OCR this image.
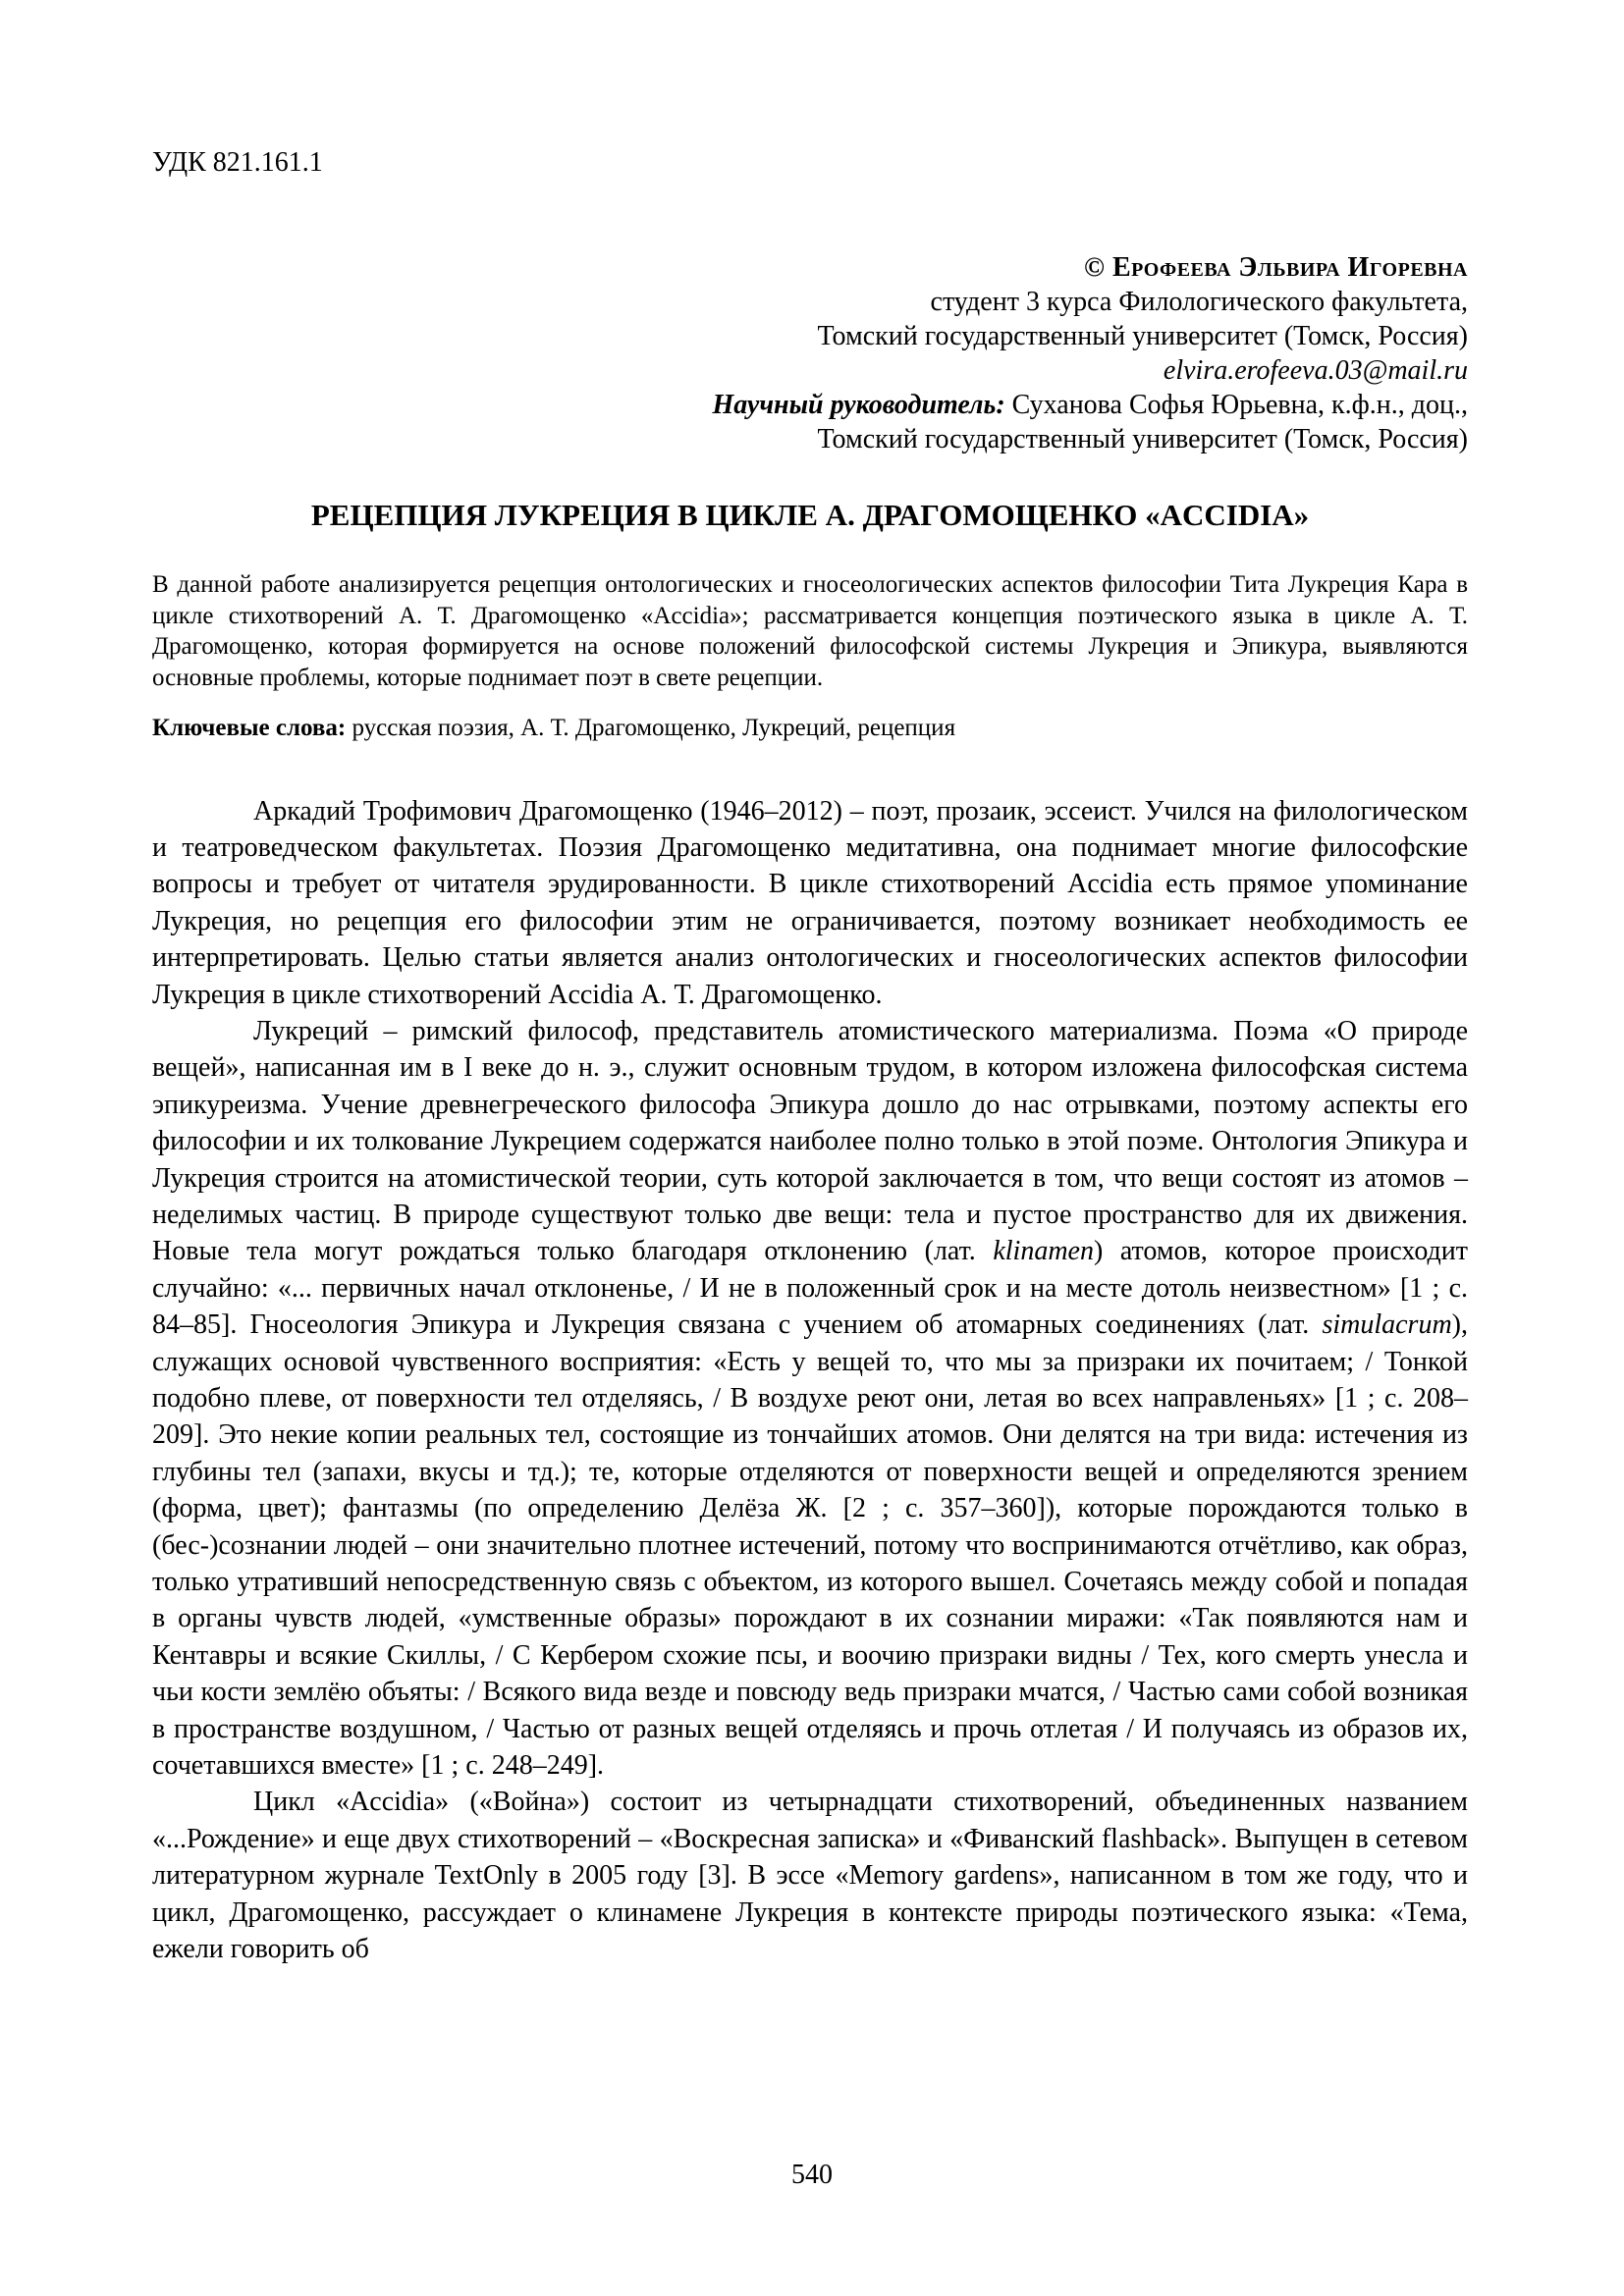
УДК 821.161.1
© Ерофеева Эльвира Игоревна
студент 3 курса Филологического факультета,
Томский государственный университет (Томск, Россия)
elvira.erofeeva.03@mail.ru
Научный руководитель: Суханова Софья Юрьевна, к.ф.н., доц.,
Томский государственный университет (Томск, Россия)
РЕЦЕПЦИЯ ЛУКРЕЦИЯ В ЦИКЛЕ А. ДРАГОМОЩЕНКО «ACCIDIA»
В данной работе анализируется рецепция онтологических и гносеологических аспектов философии Тита Лукреция Кара в цикле стихотворений А. Т. Драгомощенко «Accidia»; рассматривается концепция поэтического языка в цикле А. Т. Драгомощенко, которая формируется на основе положений философской системы Лукреция и Эпикура, выявляются основные проблемы, которые поднимает поэт в свете рецепции.
Ключевые слова: русская поэзия, А. Т. Драгомощенко, Лукреций, рецепция

Аркадий Трофимович Драгомощенко (1946–2012) – поэт, прозаик, эссеист. Учился на филологическом и театроведческом факультетах. Поэзия Драгомощенко медитативна, она поднимает многие философские вопросы и требует от читателя эрудированности. В цикле стихотворений Accidia есть прямое упоминание Лукреция, но рецепция его философии этим не ограничивается, поэтому возникает необходимость ее интерпретировать. Целью статьи является анализ онтологических и гносеологических аспектов философии Лукреция в цикле стихотворений Accidia А. Т. Драгомощенко.

Лукреций – римский философ, представитель атомистического материализма. Поэма «О природе вещей», написанная им в I веке до н. э., служит основным трудом, в котором изложена философская система эпикуреизма. Учение древнегреческого философа Эпикура дошло до нас отрывками, поэтому аспекты его философии и их толкование Лукрецием содержатся наиболее полно только в этой поэме. Онтология Эпикура и Лукреция строится на атомистической теории, суть которой заключается в том, что вещи состоят из атомов – неделимых частиц. В природе существуют только две вещи: тела и пустое пространство для их движения. Новые тела могут рождаться только благодаря отклонению (лат. klinamen) атомов, которое происходит случайно: «... первичных начал отклоненье, / И не в положенный срок и на месте дотоль неизвестном» [1 ; с. 84–85]. Гносеология Эпикура и Лукреция связана с учением об атомарных соединениях (лат. simulacrum), служащих основой чувственного восприятия: «Есть у вещей то, что мы за призраки их почитаем; / Тонкой подобно плеве, от поверхности тел отделяясь, / В воздухе реют они, летая во всех направленьях» [1 ; с. 208–209]. Это некие копии реальных тел, состоящие из тончайших атомов. Они делятся на три вида: истечения из глубины тел (запахи, вкусы и тд.); те, которые отделяются от поверхности вещей и определяются зрением (форма, цвет); фантазмы (по определению Делёза Ж. [2 ; с. 357–360]), которые порождаются только в (бес-)сознании людей – они значительно плотнее истечений, потому что воспринимаются отчётливо, как образ, только утративший непосредственную связь с объектом, из которого вышел. Сочетаясь между собой и попадая в органы чувств людей, «умственные образы» порождают в их сознании миражи: «Так появляются нам и Кентавры и всякие Скиллы, / С Кербером схожие псы, и воочию призраки видны / Тех, кого смерть унесла и чьи кости землёю объяты: / Всякого вида везде и повсюду ведь призраки мчатся, / Частью сами собой возникая в пространстве воздушном, / Частью от разных вещей отделяясь и прочь отлетая / И получаясь из образов их, сочетавшихся вместе» [1 ; с. 248–249].

Цикл «Accidia» («Война») состоит из четырнадцати стихотворений, объединенных названием «...Рождение» и еще двух стихотворений – «Воскресная записка» и «Фиванский flashback». Выпущен в сетевом литературном журнале TextOnly в 2005 году [3]. В эссе «Memory gardens», написанном в том же году, что и цикл, Драгомощенко, рассуждает о клинамене Лукреция в контексте природы поэтического языка: «Тема, ежели говорить об

540
